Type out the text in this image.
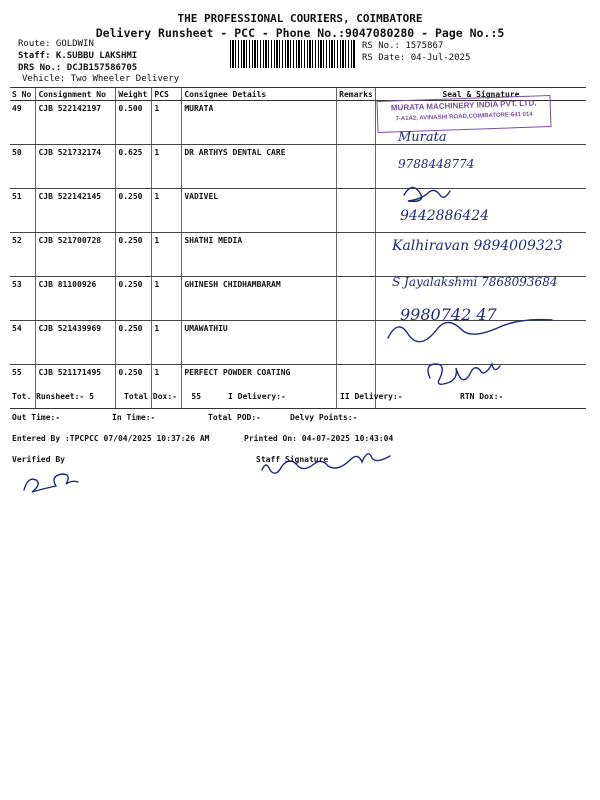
THE PROFESSIONAL COURIERS, COIMBATORE
Delivery Runsheet - PCC - Phone No.:9047080280 - Page No.:5
Route: GOLDWIN
Staff: K.SUBBU LAKSHMI
DRS No.: DCJB157586705
Vehicle: Two Wheeler Delivery
RS No.: 1575867
RS Date: 04-Jul-2025
S No	Consignment No	Weight	PCS	Consignee Details	Remarks	Seal & Signature
49	CJB 522142197	0.500	1	MURATA		
50	CJB 521732174	0.625	1	DR ARTHYS DENTAL CARE		
51	CJB 522142145	0.250	1	VADIVEL		
52	CJB 521700728	0.250	1	SHATHI MEDIA		
53	CJB 81100926	0.250	1	GHINESH CHIDHAMBARAM		
54	CJB 521439969	0.250	1	UMAWATHIU		
55	CJB 521171495	0.250	1	PERFECT POWDER COATING		
MURATA MACHINERY INDIA PVT. LTD.
7-A1A2, AVINASHI ROAD,COIMBATORE-641 014
Murata
9788448774
9442886424
Kalhiravan 9894009323
S Jayalakshmi 7868093684
9980742 47
Tot. Runsheet:- 5	Total Dox:-   55	I Delivery:-	II Delivery:-	RTN Dox:-
Out Time:-	In Time:-	Total POD:-	Delvy Points:-
Entered By :TPCPCC 07/04/2025 10:37:26 AM	Printed On: 04-07-2025 10:43:04
Verified By	Staff Signature
